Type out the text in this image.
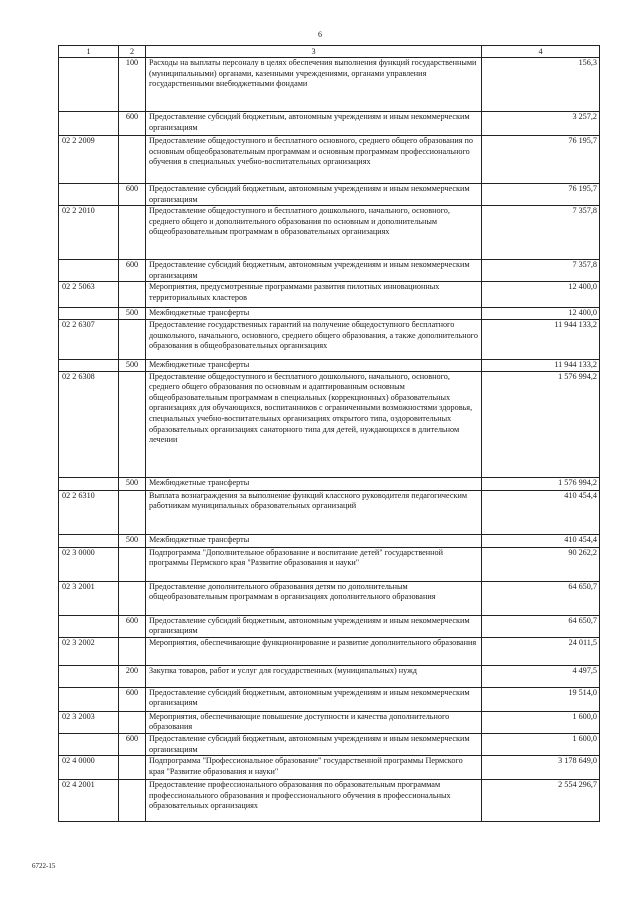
6
1	2	3	4
	100	Расходы на выплаты персоналу в целях обеспечения выполнения функций государственными (муниципальными) органами, казенными учреждениями, органами управления государственными внебюджетными фондами	156,3
	600	Предоставление субсидий бюджетным, автономным учреждениям и иным некоммерческим организациям	3 257,2
02 2 2009		Предоставление общедоступного и бесплатного основного, среднего общего образования по основным общеобразовательным программам и основным программам профессионального обучения в специальных учебно-воспитательных организациях	76 195,7
	600	Предоставление субсидий бюджетным, автономным учреждениям и иным некоммерческим организациям	76 195,7
02 2 2010		Предоставление общедоступного и бесплатного дошкольного, начального, основного, среднего общего и дополнительного образования по основным и дополнительным общеобразовательным программам в образовательных организациях	7 357,8
	600	Предоставление субсидий бюджетным, автономным учреждениям и иным некоммерческим организациям	7 357,8
02 2 5063		Мероприятия, предусмотренные программами развития пилотных инновационных территориальных кластеров	12 400,0
	500	Межбюджетные трансферты	12 400,0
02 2 6307		Предоставление государственных гарантий на получение общедоступного бесплатного дошкольного, начального, основного, среднего общего образования, а также дополнительного образования в общеобразовательных организациях	11 944 133,2
	500	Межбюджетные трансферты	11 944 133,2
02 2 6308		Предоставление общедоступного и бесплатного дошкольного, начального, основного, среднего общего образования по основным и адаптированным основным общеобразовательным программам в специальных (коррекционных) образовательных организациях для обучающихся, воспитанников с ограниченными возможностями здоровья, специальных учебно-воспитательных организациях открытого типа, оздоровительных образовательных организациях санаторного типа для детей, нуждающихся в длительном лечении	1 576 994,2
	500	Межбюджетные трансферты	1 576 994,2
02 2 6310		Выплата вознаграждения за выполнение функций классного руководителя педагогическим работникам муниципальных образовательных организаций	410 454,4
	500	Межбюджетные трансферты	410 454,4
02 3 0000		Подпрограмма "Дополнительное образование и воспитание детей" государственной программы Пермского края "Развитие образования и науки"	90 262,2
02 3 2001		Предоставление дополнительного образования детям по дополнительным общеобразовательным программам в организациях дополнительного образования	64 650,7
	600	Предоставление субсидий бюджетным, автономным учреждениям и иным некоммерческим организациям	64 650,7
02 3 2002		Мероприятия, обеспечивающие функционирование и развитие дополнительного образования	24 011,5
	200	Закупка товаров, работ и услуг для государственных (муниципальных) нужд	4 497,5
	600	Предоставление субсидий бюджетным, автономным учреждениям и иным некоммерческим организациям	19 514,0
02 3 2003		Мероприятия, обеспечивающие повышение доступности и качества дополнительного образования	1 600,0
	600	Предоставление субсидий бюджетным, автономным учреждениям и иным некоммерческим организациям	1 600,0
02 4 0000		Подпрограмма "Профессиональное образование" государственной программы Пермского края "Развитие образования и науки"	3 178 649,0
02 4 2001		Предоставление профессионального образования по образовательным программам профессионального образования и профессионального обучения в профессиональных образовательных организациях	2 554 296,7
6722-15
